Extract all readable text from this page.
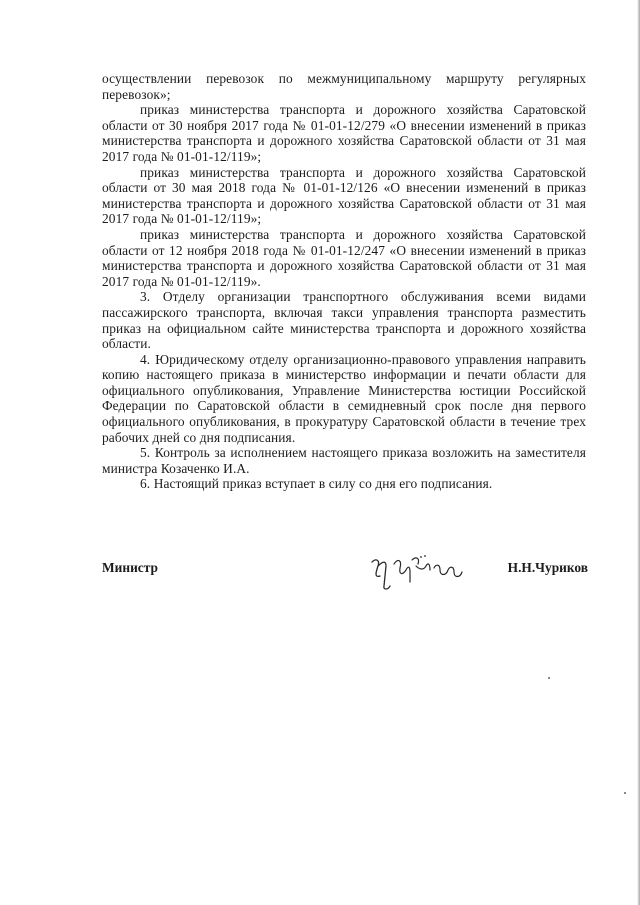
осуществлении перевозок по межмуниципальному маршруту регулярных перевозок»;

приказ министерства транспорта и дорожного хозяйства Саратовской области от 30 ноября 2017 года № 01-01-12/279 «О внесении изменений в приказ министерства транспорта и дорожного хозяйства Саратовской области от 31 мая 2017 года № 01-01-12/119»;

приказ министерства транспорта и дорожного хозяйства Саратовской области от 30 мая 2018 года № 01-01-12/126 «О внесении изменений в приказ министерства транспорта и дорожного хозяйства Саратовской области от 31 мая 2017 года № 01-01-12/119»;

приказ министерства транспорта и дорожного хозяйства Саратовской области от 12 ноября 2018 года № 01-01-12/247 «О внесении изменений в приказ министерства транспорта и дорожного хозяйства Саратовской области от 31 мая 2017 года № 01-01-12/119».

3. Отделу организации транспортного обслуживания всеми видами пассажирского транспорта, включая такси управления транспорта разместить приказ на официальном сайте министерства транспорта и дорожного хозяйства области.

4. Юридическому отделу организационно-правового управления направить копию настоящего приказа в министерство информации и печати области для официального опубликования, Управление Министерства юстиции Российской Федерации по Саратовской области в семидневный срок после дня первого официального опубликования, в прокуратуру Саратовской области в течение трех рабочих дней со дня подписания.

5. Контроль за исполнением настоящего приказа возложить на заместителя министра Козаченко И.А.

6. Настоящий приказ вступает в силу со дня его подписания.

Министр	Н.Н.Чуриков
